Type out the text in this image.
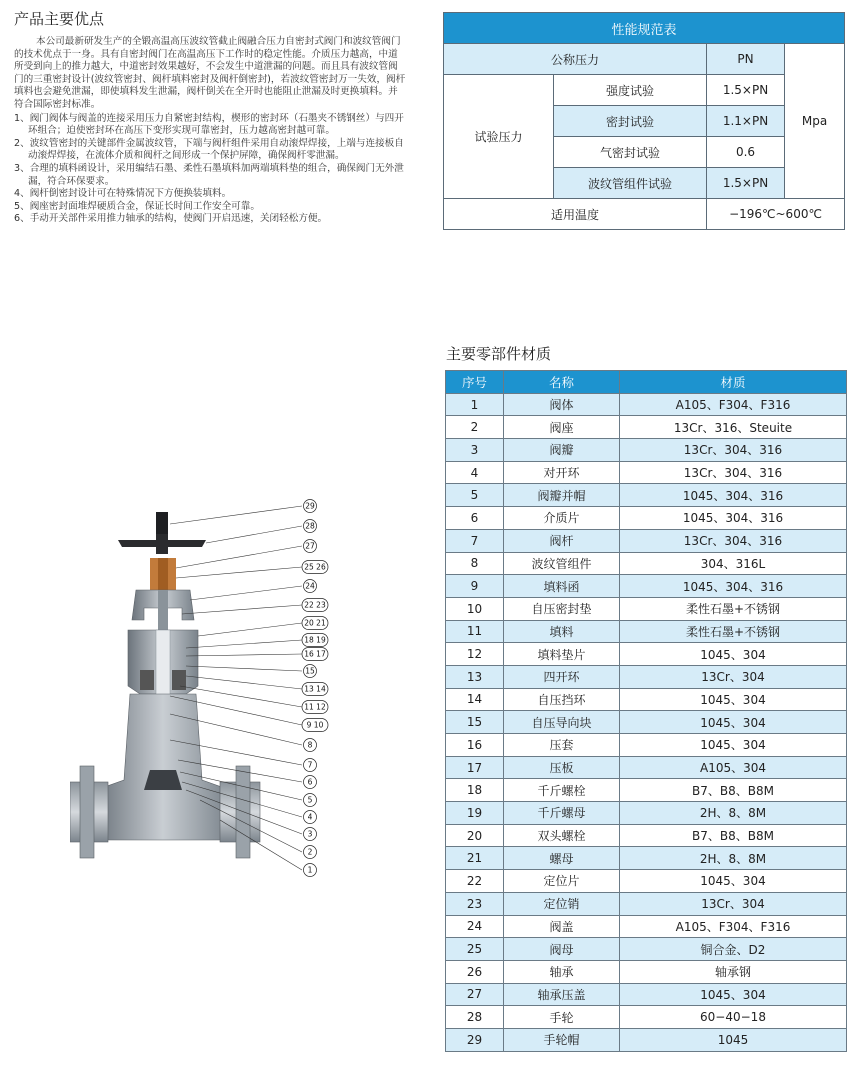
产品主要优点

本公司最新研发生产的全锻高温高压波纹管截止阀融合压力自密封式阀门和波纹管阀门的技术优点于一身。具有自密封阀门在高温高压下工作时的稳定性能。介质压力越高，中道所受到向上的推力越大，中道密封效果越好，不会发生中道泄漏的问题。而且具有波纹管阀门的三重密封设计(波纹管密封、阀杆填料密封及阀杆倒密封)，若波纹管密封万一失效，阀杆填料也会避免泄漏，即使填料发生泄漏，阀杆倒关在全开时也能阻止泄漏及时更换填料。并符合国际密封标准。

1、阀门阀体与阀盖的连接采用压力自紧密封结构，楔形的密封环（石墨夹不锈钢丝）与四开环组合；迫使密封环在高压下变形实现可靠密封，压力越高密封越可靠。
2、波纹管密封的关键部件金属波纹管，下端与阀杆组件采用自动滚焊焊接，上端与连接板自动滚焊焊接，在流体介质和阀杆之间形成一个保护屏障，确保阀杆零泄漏。
3、合理的填料函设计，采用编结石墨、柔性石墨填料加两端填料垫的组合，确保阀门无外泄漏，符合环保要求。
4、阀杆倒密封设计可在特殊情况下方便换装填料。
5、阀座密封面堆焊硬质合金，保证长时间工作安全可靠。
6、手动开关部件采用推力轴承的结构，使阀门开启迅速，关闭轻松方便。
性能规范表			
公称压力		PN	Mpa
试验压力	强度试验	1.5×PN	
	密封试验	1.1×PN	
	气密封试验	0.6	
	波纹管组件试验	1.5×PN	
适用温度		−196℃~600℃	
29
28
27
25 26
24
22 23
20 21
18 19
16 17
15
13 14
11 12
9 10
8
7
6
5
4
3
2
1
主要零部件材质
序号	名称	材质
1	阀体	A105、F304、F316
2	阀座	13Cr、316、Steuite
3	阀瓣	13Cr、304、316
4	对开环	13Cr、304、316
5	阀瓣并帽	1045、304、316
6	介质片	1045、304、316
7	阀杆	13Cr、304、316
8	波纹管组件	304、316L
9	填料函	1045、304、316
10	自压密封垫	柔性石墨+不锈钢
11	填料	柔性石墨+不锈钢
12	填料垫片	1045、304
13	四开环	13Cr、304
14	自压挡环	1045、304
15	自压导向块	1045、304
16	压套	1045、304
17	压板	A105、304
18	千斤螺栓	B7、B8、B8M
19	千斤螺母	2H、8、8M
20	双头螺栓	B7、B8、B8M
21	螺母	2H、8、8M
22	定位片	1045、304
23	定位销	13Cr、304
24	阀盖	A105、F304、F316
25	阀母	铜合金、D2
26	轴承	轴承钢
27	轴承压盖	1045、304
28	手轮	60−40−18
29	手轮帽	1045
